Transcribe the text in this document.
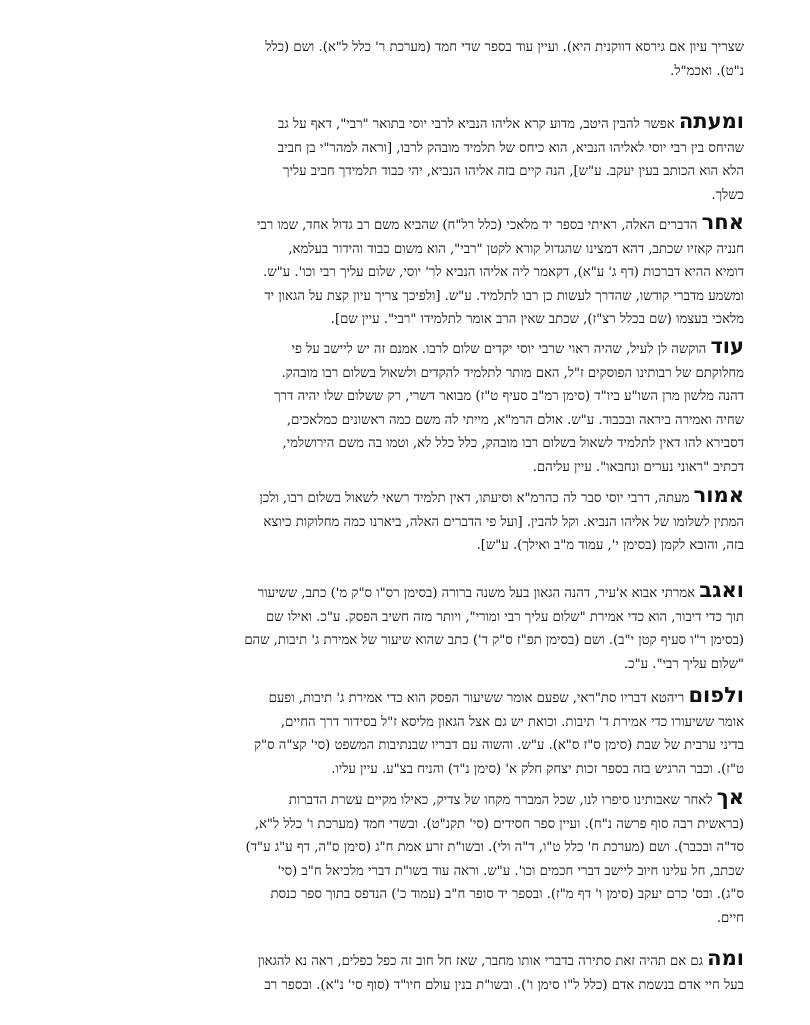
שצריך עיון אם גירסא דווקנית היא). ועיין עוד בספר שדי חמד (מערכת ר' כלל ל"א). ושם (כלל
נ"ט). ואכמ"ל.
ומעתה אפשר להבין היטב, מדוע קרא אליהו הנביא לרבי יוסי בתואר "רבי", דאף על גב
שהיחס בין רבי יוסי לאליהו הנביא, הוא כיחס של תלמיד מובהק לרבו, [וראה למהר"י בן חביב
הלא הוא הכותב בעין יעקב. ע"ש], הנה קיים בזה אליהו הנביא, יהי כבוד תלמידך חביב עליך
כשלך.
אחר הדברים האלה, ראיתי בספר יד מלאכי (כלל רל"ח) שהביא משם רב גדול אחד, שמו רבי
חנניה קאזיו שכתב, דהא דמצינו שהגדול קורא לקטן "רבי", הוא משום כבוד והידור בעלמא,
דומיא ההיא דברכות (דף ג' ע"א), דקאמר ליה אליהו הנביא לר' יוסי, שלום עליך רבי וכו'. ע"ש.
ומשמע מדברי קודשו, שהדרך לעשות כן רבו לתלמיד. ע"ש. [ולפיכך צריך עיון קצת על הגאון יד
מלאכי בעצמו (שם בכלל רצ"ז), שכתב שאין הרב אומר לתלמידו "רבי". עיין שם].
עוד הוקשה לן לעיל, שהיה ראוי שרבי יוסי יקדים שלום לרבו. אמנם זה יש ליישב על פי
מחלוקתם של רבותינו הפוסקים ז"ל, האם מותר לתלמיד להקדים ולשאול בשלום רבו מובהק.
דהנה מלשון מרן השו"ע ביו"ד (סימן רמ"ב סעיף ט"ז) מבואר דשרי, רק ששלום שלו יהיה דרך
שחיה ואמירה ביראה ובכבוד. ע"ש. אולם הרמ"א, מייתי לה משם כמה ראשונים כמלאכים,
דסבירא להו דאין לתלמיד לשאול בשלום רבו מובהק, כלל כלל לא, וטמו בה משם הירושלמי,
דכתיב "ראוני נערים ונחבאו". עיין עליהם.
אמור מעתה, דרבי יוסי סבר לה כהרמ"א וסיעתו, דאין תלמיד רשאי לשאול בשלום רבו, ולכן
המתין לשלומו של אליהו הנביא. וקל להבין. [ועל פי הדברים האלה, ביארנו כמה מחלוקות כיוצא
בזה, והובא לקמן (בסימן י', עמוד מ"ב ואילך). ע"ש].
ואגב אמרתי אבוא א'עיר, דהנה הגאון בעל משנה ברורה (בסימן רס"ו ס"ק מ') כתב, ששיעור
תוך כדי דיבור, הוא כדי אמירת "שלום עליך רבי ומורי", ויותר מזה חשיב הפסק. ע"כ. ואילו שם
(בסימן ר"ו סעיף קטן י"ב). ושם (בסימן תפ"ז ס"ק ד') כתב שהוא שיעור של אמירת ג' תיבות, שהם
"שלום עליך רבי". ע"כ.
ולפום ריהטא דבריו סת"ראי, שפעם אומר ששיעור הפסק הוא כדי אמירת ג' תיבות, ופעם
אומר ששיעורו כדי אמירת ד' תיבות. וכואת יש גם אצל הגאון מליסא ז"ל בסידור דרך החיים,
בדיני ערבית של שבת (סימן ס"ז ס"א). ע"ש. והשוה עם דבריו שבנתיבות המשפט (סי' קצ"ה ס"ק
ט"ז). וכבר הרגיש בזה בספר זכות יצחק חלק א' (סימן נ"ד) והניח בצ"ע. עיין עליו.
אך לאחר שאבותינו סיפרו לנו, שכל המברר מקחו של צדיק, כאילו מקיים עשרת הדברות
(בראשית רבה סוף פרשה נ"ח). ועיין ספר חסידים (סי' תקנ"ט). ובשדי חמד (מערכת ו' כלל ל"א,
סד"ה ובכבר). ושם (מערכת ח' כלל ט"ו, ד"ה ולי). ובשו"ת זרע אמת ח"ג (סימן ס"ה, דף ע"ג ע"ד)
שכתב, חל עלינו חיוב ליישב דברי חכמים וכו'. ע"ש. וראה עוד בשו"ת דברי מלכיאל ח"ב (סי'
ס"ג). ובס' כרם יעקב (סימן ו' דף מ"ז). ובספר יד סופר ח"ב (עמוד כ') הנדפס בתוך ספר כנסת
חיים.
ומה גם אם תהיה זאת סתירה בדברי אותו מחבר, שאז חל חוב זה כפל כפלים, ראה נא להגאון
בעל חיי אדם בנשמת אדם (כלל ל"ו סימן ו'). ובשו"ת בנין עולם חיו"ד (סוף סי' נ"א). ובספר רב
